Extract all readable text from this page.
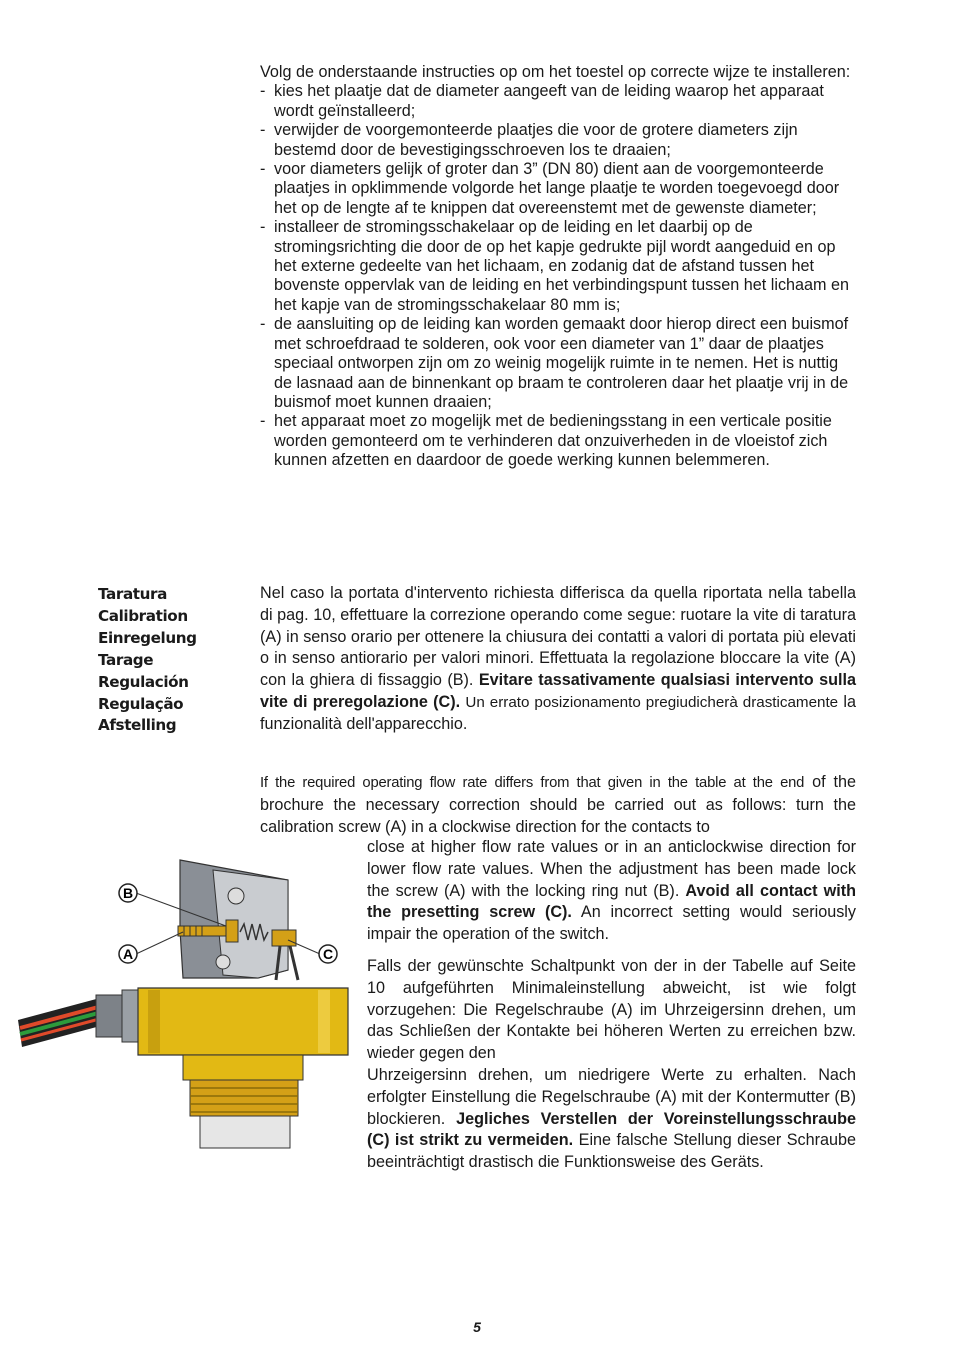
Volg de onderstaande instructies op om het toestel op correcte wijze te installeren:

- kies het plaatje dat de diameter aangeeft van de leiding waarop het apparaat wordt geïnstalleerd;
- verwijder de voorgemonteerde plaatjes die voor de grotere diameters zijn bestemd door de bevestigingsschroeven los te draaien;
- voor diameters gelijk of groter dan 3” (DN 80) dient aan de voorgemonteerde plaatjes in opklimmende volgorde het lange plaatje te worden toegevoegd door het op de lengte af te knippen dat overeenstemt met de gewenste diameter;
- installeer de stromingsschakelaar op de leiding en let daarbij op de stromingsrichting die door de op het kapje gedrukte pijl wordt aangeduid en op het externe gedeelte van het lichaam, en zodanig dat de afstand tussen het bovenste oppervlak van de leiding en het verbindingspunt tussen het lichaam en het kapje van de stromingsschakelaar 80 mm is;
- de aansluiting op de leiding kan worden gemaakt door hierop direct een buismof met schroefdraad te solderen, ook voor een diameter van 1” daar de plaatjes speciaal ontworpen zijn om zo weinig mogelijk ruimte in te nemen. Het is nuttig de lasnaad aan de binnenkant op braam te controleren daar het plaatje vrij in de buismof moet kunnen draaien;
- het apparaat moet zo mogelijk met de bedieningsstang in een verticale positie worden gemonteerd om te verhinderen dat onzuiverheden in de vloeistof zich kunnen afzetten en daardoor de goede werking kunnen belemmeren.
Taratura
Calibration
Einregelung
Tarage
Regulación
Regulação
Afstelling

Nel caso la portata d'intervento richiesta differisca da quella riportata nella tabella di pag. 10, effettuare la correzione operando come segue: ruotare la vite di taratura (A) in senso orario per ottenere la chiusura dei contatti a valori di portata più elevati o in senso antiorario per valori minori. Effettuata la regolazione bloccare la vite (A) con la ghiera di fissaggio (B). Evitare tassativamente qualsiasi intervento sulla vite di preregolazione (C). Un errato posizionamento pregiudicherà drasticamente la funzionalità dell'apparecchio.

If the required operating flow rate differs from that given in the table at the end of the brochure the necessary correction should be carried out as follows: turn the calibration screw (A) in a clockwise direction for the contacts to

close at higher flow rate values or in an anticlockwise direction for lower flow rate values. When the adjustment has been made lock the screw (A) with the locking ring nut (B). Avoid all contact with the presetting screw (C). An incorrect setting would seriously impair the operation of the switch.

Falls der gewünschte Schaltpunkt von der in der Tabelle auf Seite 10 aufgeführten Minimaleinstellung abweicht, ist wie folgt vorzugehen: Die Regelschraube (A) im Uhrzeigersinn drehen, um das Schließen der Kontakte bei höheren Werten zu erreichen bzw. wieder gegen den
Uhrzeigersinn drehen, um niedrigere Werte zu erhalten. Nach erfolgter Einstellung die Regelschraube (A) mit der Kontermutter (B) blockieren. Jegliches Verstellen der Voreinstellungsschraube (C) ist strikt zu vermeiden. Eine falsche Stellung dieser Schraube beeinträchtigt drastisch die Funktionsweise des Geräts.

B
A	C
5
